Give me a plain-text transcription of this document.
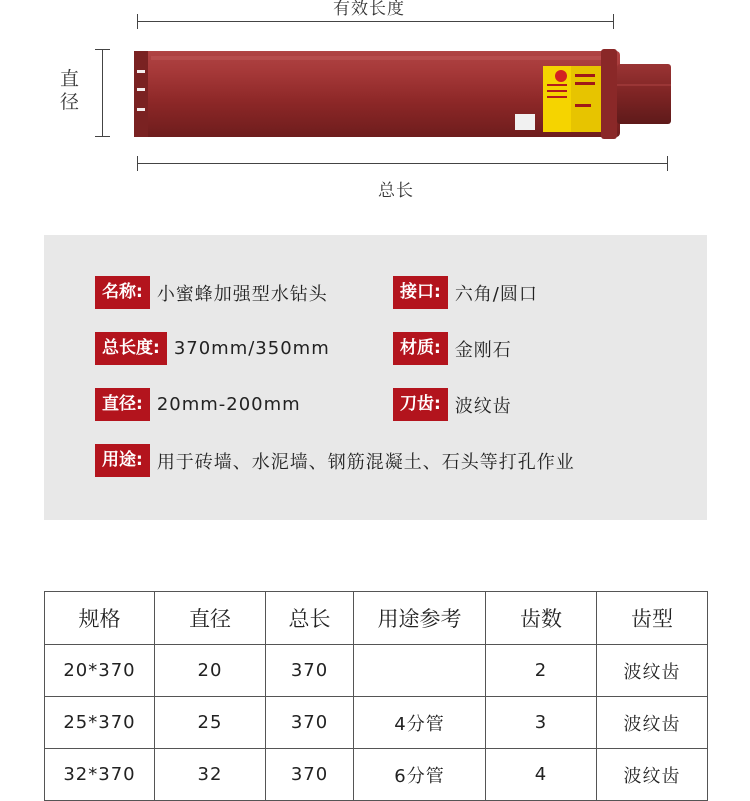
有效长度
直径
总长
名称: 小蜜蜂加强型水钻头	接口: 六角/圆口
总长度: 370mm/350mm	材质: 金刚石
直径: 20mm-200mm	刀齿: 波纹齿
用途: 用于砖墙、水泥墙、钢筋混凝土、石头等打孔作业
规格	直径	总长	用途参考	齿数	齿型
20*370	20	370		2	波纹齿
25*370	25	370	4分管	3	波纹齿
32*370	32	370	6分管	4	波纹齿
